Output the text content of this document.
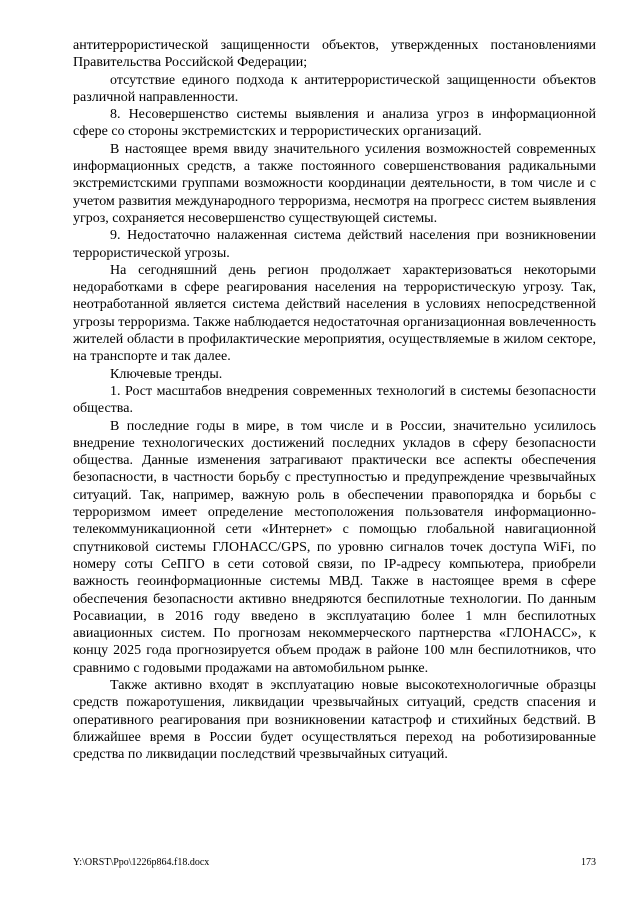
антитеррористической защищенности объектов, утвержденных постановлениями Правительства Российской Федерации;

отсутствие единого подхода к антитеррористической защищенности объектов различной направленности.

8. Несовершенство системы выявления и анализа угроз в информационной сфере со стороны экстремистских и террористических организаций.

В настоящее время ввиду значительного усиления возможностей современных информационных средств, а также постоянного совершенствования радикальными экстремистскими группами возможности координации деятельности, в том числе и с учетом развития международного терроризма, несмотря на прогресс систем выявления угроз, сохраняется несовершенство существующей системы.

9. Недостаточно налаженная система действий населения при возникновении террористической угрозы.

На сегодняшний день регион продолжает характеризоваться некоторыми недоработками в сфере реагирования населения на террористическую угрозу. Так, неотработанной является система действий населения в условиях непосредственной угрозы терроризма. Также наблюдается недостаточная организационная вовлеченность жителей области в профилактические мероприятия, осуществляемые в жилом секторе, на транспорте и так далее.

Ключевые тренды.

1. Рост масштабов внедрения современных технологий в системы безопасности общества.

В последние годы в мире, в том числе и в России, значительно усилилось внедрение технологических достижений последних укладов в сферу безопасности общества. Данные изменения затрагивают практически все аспекты обеспечения безопасности, в частности борьбу с преступностью и предупреждение чрезвычайных ситуаций. Так, например, важную роль в обеспечении правопорядка и борьбы с терроризмом имеет определение местоположения пользователя информационно-телекоммуникационной сети «Интернет» с помощью глобальной навигационной спутниковой системы ГЛОНАСС/GPS, по уровню сигналов точек доступа WiFi, по номеру соты СеПГО в сети сотовой связи, по IP-адресу компьютера, приобрели важность геоинформационные системы МВД. Также в настоящее время в сфере обеспечения безопасности активно внедряются беспилотные технологии. По данным Росавиации, в 2016 году введено в эксплуатацию более 1 млн беспилотных авиационных систем. По прогнозам некоммерческого партнерства «ГЛОНАСС», к концу 2025 года прогнозируется объем продаж в районе 100 млн беспилотников, что сравнимо с годовыми продажами на автомобильном рынке.

Также активно входят в эксплуатацию новые высокотехнологичные образцы средств пожаротушения, ликвидации чрезвычайных ситуаций, средств спасения и оперативного реагирования при возникновении катастроф и стихийных бедствий. В ближайшее время в России будет осуществляться переход на роботизированные средства по ликвидации последствий чрезвычайных ситуаций.

Y:\ORST\Ppo\1226p864.f18.docx	173
